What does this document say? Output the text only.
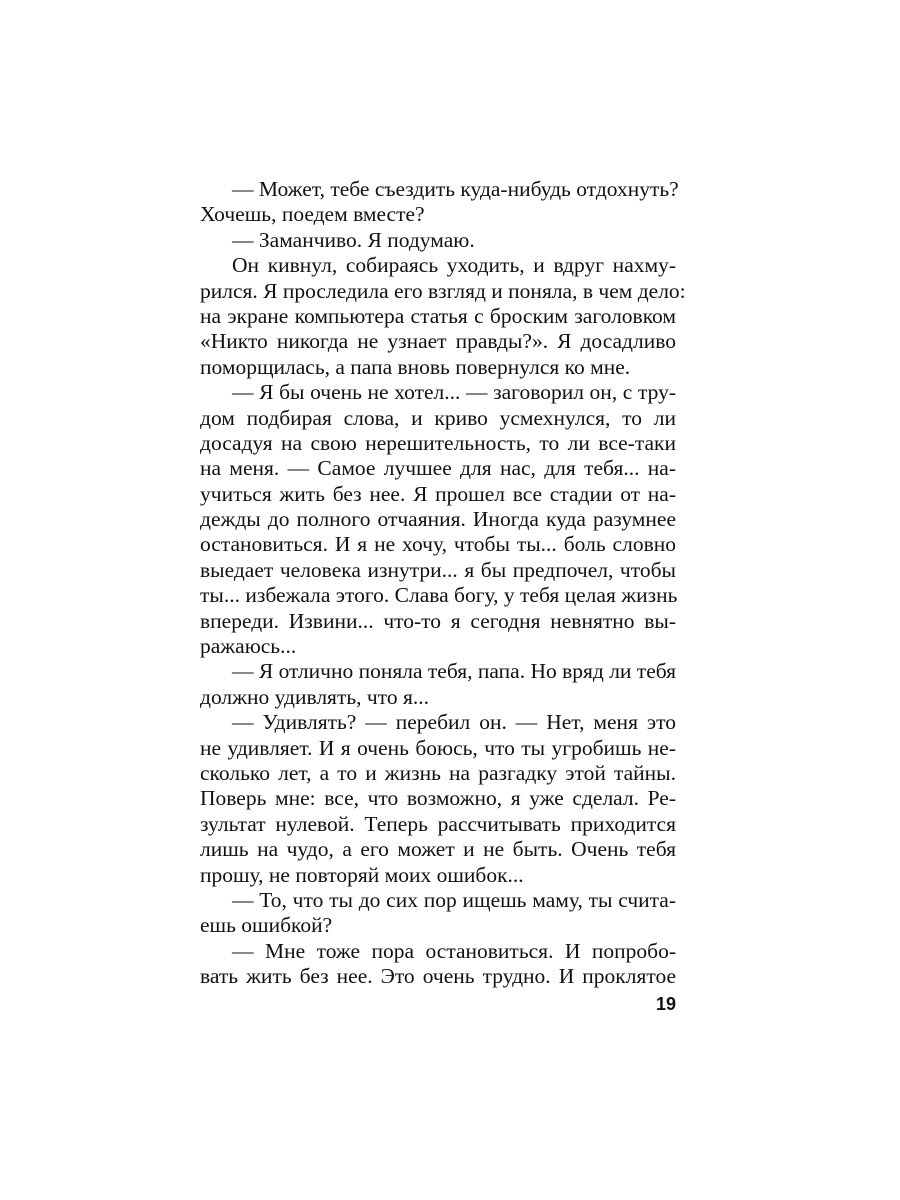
— Может, тебе съездить куда-нибудь отдохнуть?
Хочешь, поедем вместе?
— Заманчиво. Я подумаю.
Он кивнул, собираясь уходить, и вдруг нахму-
рился. Я проследила его взгляд и поняла, в чем дело:
на экране компьютера статья с броским заголовком
«Никто никогда не узнает правды?». Я досадливо
поморщилась, а папа вновь повернулся ко мне.
— Я бы очень не хотел... — заговорил он, с тру-
дом подбирая слова, и криво усмехнулся, то ли
досадуя на свою нерешительность, то ли все-таки
на меня. — Самое лучшее для нас, для тебя... на-
учиться жить без нее. Я прошел все стадии от на-
дежды до полного отчаяния. Иногда куда разумнее
остановиться. И я не хочу, чтобы ты... боль словно
выедает человека изнутри... я бы предпочел, чтобы
ты... избежала этого. Слава богу, у тебя целая жизнь
впереди. Извини... что-то я сегодня невнятно вы-
ражаюсь...
— Я отлично поняла тебя, папа. Но вряд ли тебя
должно удивлять, что я...
— Удивлять? — перебил он. — Нет, меня это
не удивляет. И я очень боюсь, что ты угробишь не-
сколько лет, а то и жизнь на разгадку этой тайны.
Поверь мне: все, что возможно, я уже сделал. Ре-
зультат нулевой. Теперь рассчитывать приходится
лишь на чудо, а его может и не быть. Очень тебя
прошу, не повторяй моих ошибок...
— То, что ты до сих пор ищешь маму, ты счита-
ешь ошибкой?
— Мне тоже пора остановиться. И попробо-
вать жить без нее. Это очень трудно. И проклятое
19
